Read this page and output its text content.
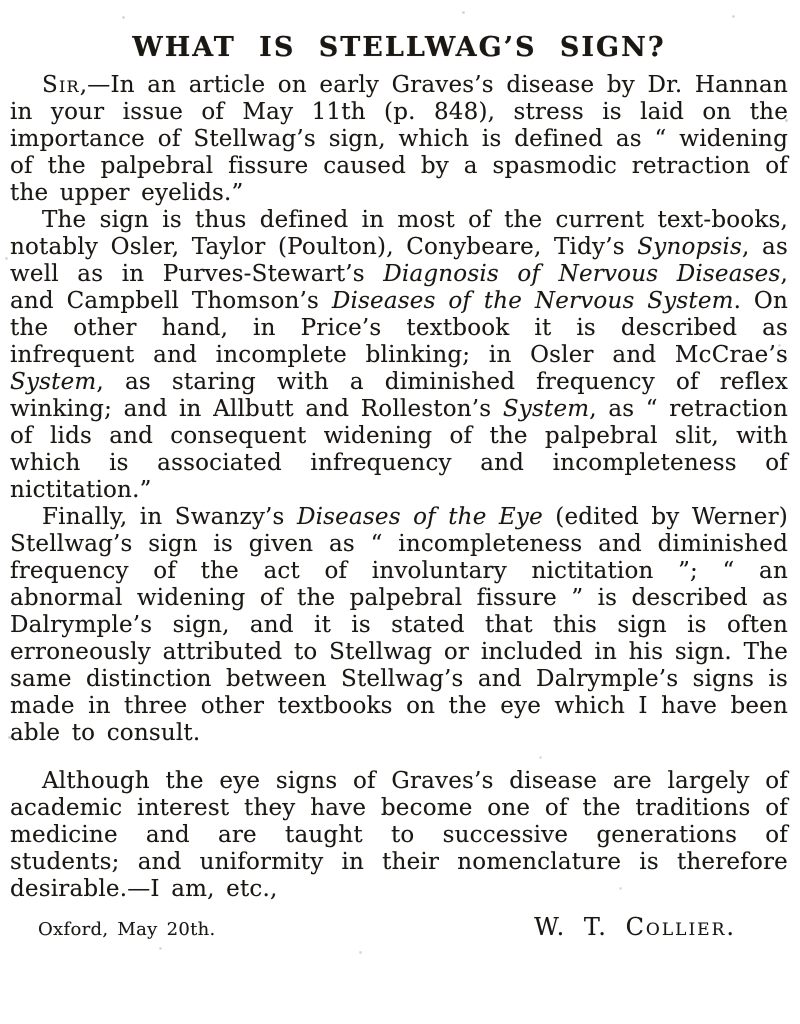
WHAT IS STELLWAG’S SIGN?

Sir,—In an article on early Graves’s disease by Dr. Hannan in your issue of May 11th (p. 848), stress is laid on the importance of Stellwag’s sign, which is defined as “ widening of the palpebral fissure caused by a spasmodic retraction of the upper eyelids.”

The sign is thus defined in most of the current text-books, notably Osler, Taylor (Poulton), Conybeare, Tidy’s Synopsis, as well as in Purves-Stewart’s Diagnosis of Nervous Diseases, and Campbell Thomson’s Diseases of the Nervous System. On the other hand, in Price’s textbook it is described as infrequent and incomplete blinking; in Osler and McCrae’s System, as staring with a diminished frequency of reflex winking; and in Allbutt and Rolleston’s System, as “ retraction of lids and consequent widening of the palpebral slit, with which is associated infrequency and incompleteness of nictitation.”

Finally, in Swanzy’s Diseases of the Eye (edited by Werner) Stellwag’s sign is given as “ incompleteness and diminished frequency of the act of involuntary nictitation ”; “ an abnormal widening of the palpebral fissure ” is described as Dalrymple’s sign, and it is stated that this sign is often erroneously attributed to Stellwag or included in his sign. The same distinction between Stellwag’s and Dalrymple’s signs is made in three other textbooks on the eye which I have been able to consult.

Although the eye signs of Graves’s disease are largely of academic interest they have become one of the traditions of medicine and are taught to successive generations of students; and uniformity in their nomenclature is therefore desirable.—I am, etc.,

Oxford, May 20th.	W. T. Collier.
